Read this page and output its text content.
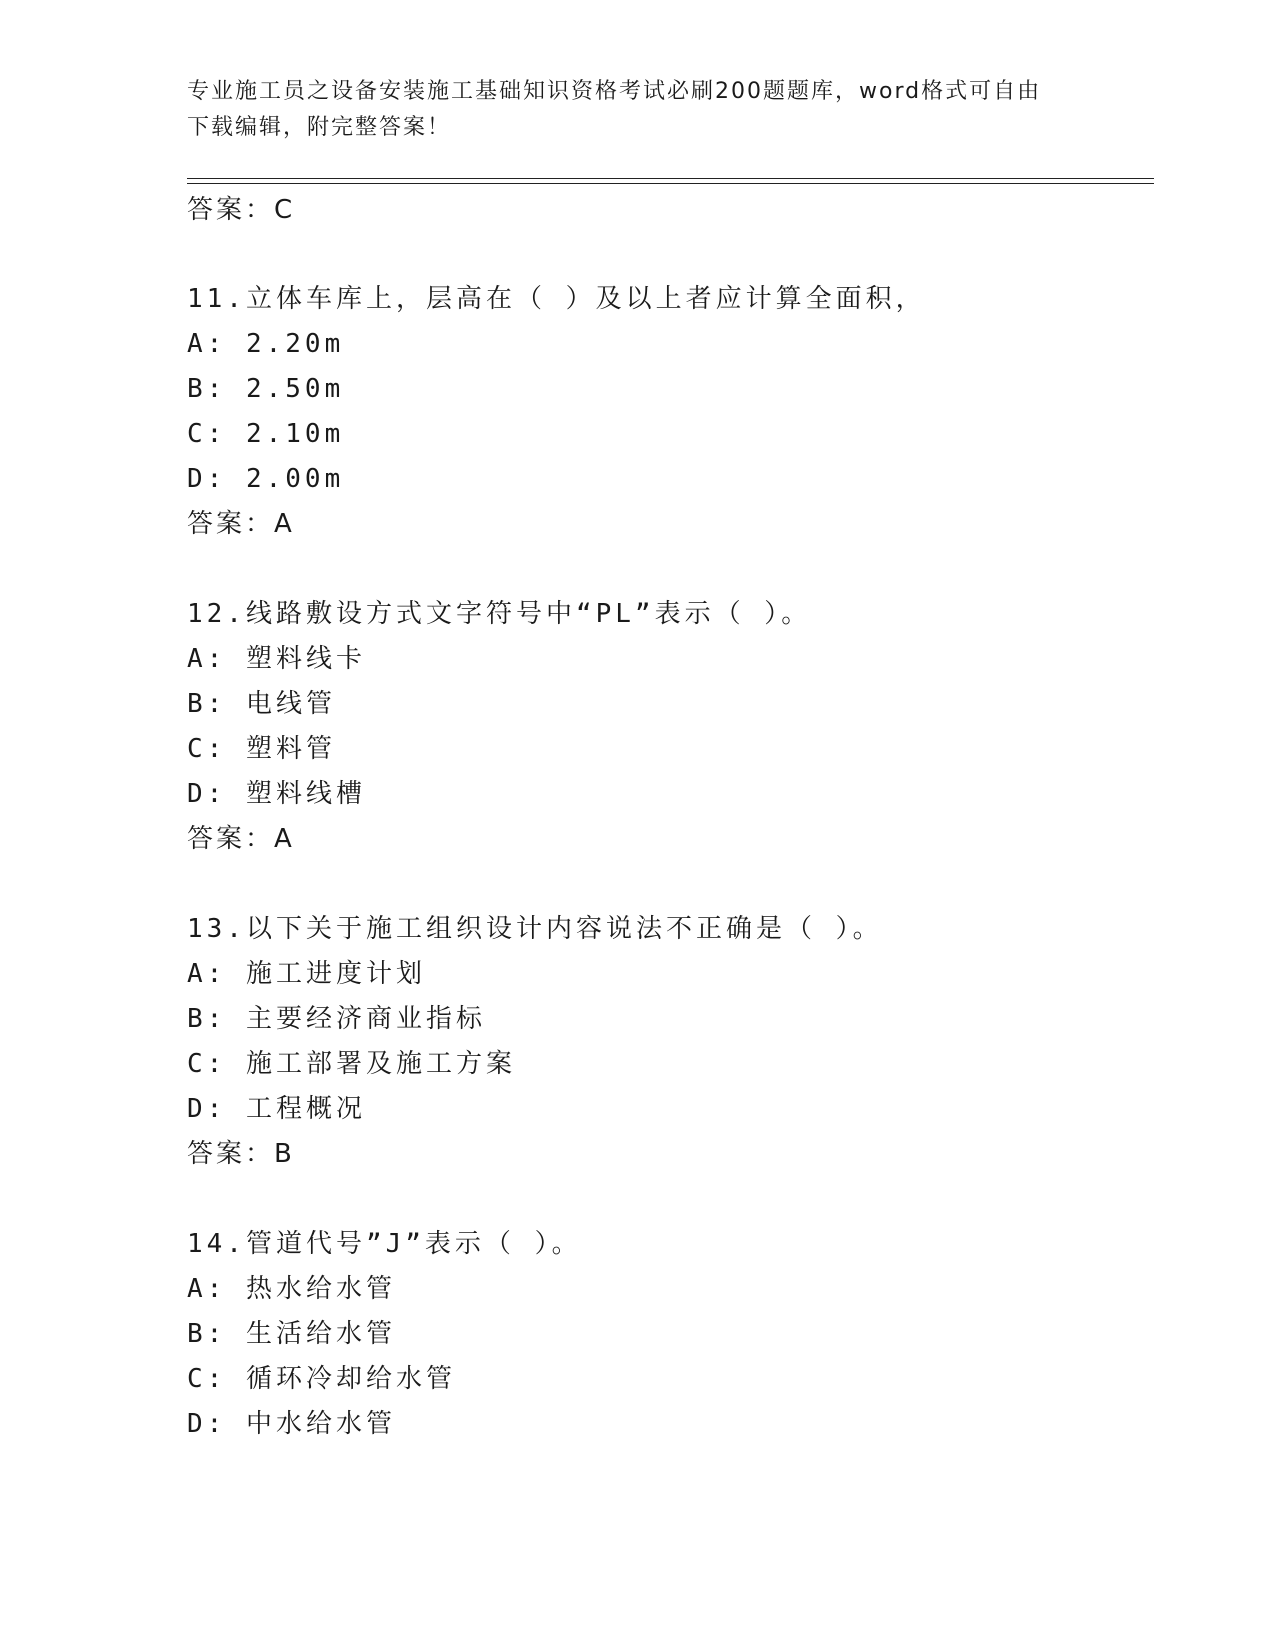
专业施工员之设备安装施工基础知识资格考试必刷200题题库，word格式可自由
下载编辑，附完整答案！
答案：C
11.立体车库上，层高在（ ）及以上者应计算全面积，
A: 2.20m
B: 2.50m
C: 2.10m
D: 2.00m
答案：A
12.线路敷设方式文字符号中“PL”表示（ ）。
A: 塑料线卡
B: 电线管
C: 塑料管
D: 塑料线槽
答案：A
13.以下关于施工组织设计内容说法不正确是（ ）。
A: 施工进度计划
B: 主要经济商业指标
C: 施工部署及施工方案
D: 工程概况
答案：B
14.管道代号”J”表示（ ）。
A: 热水给水管
B: 生活给水管
C: 循环冷却给水管
D: 中水给水管
